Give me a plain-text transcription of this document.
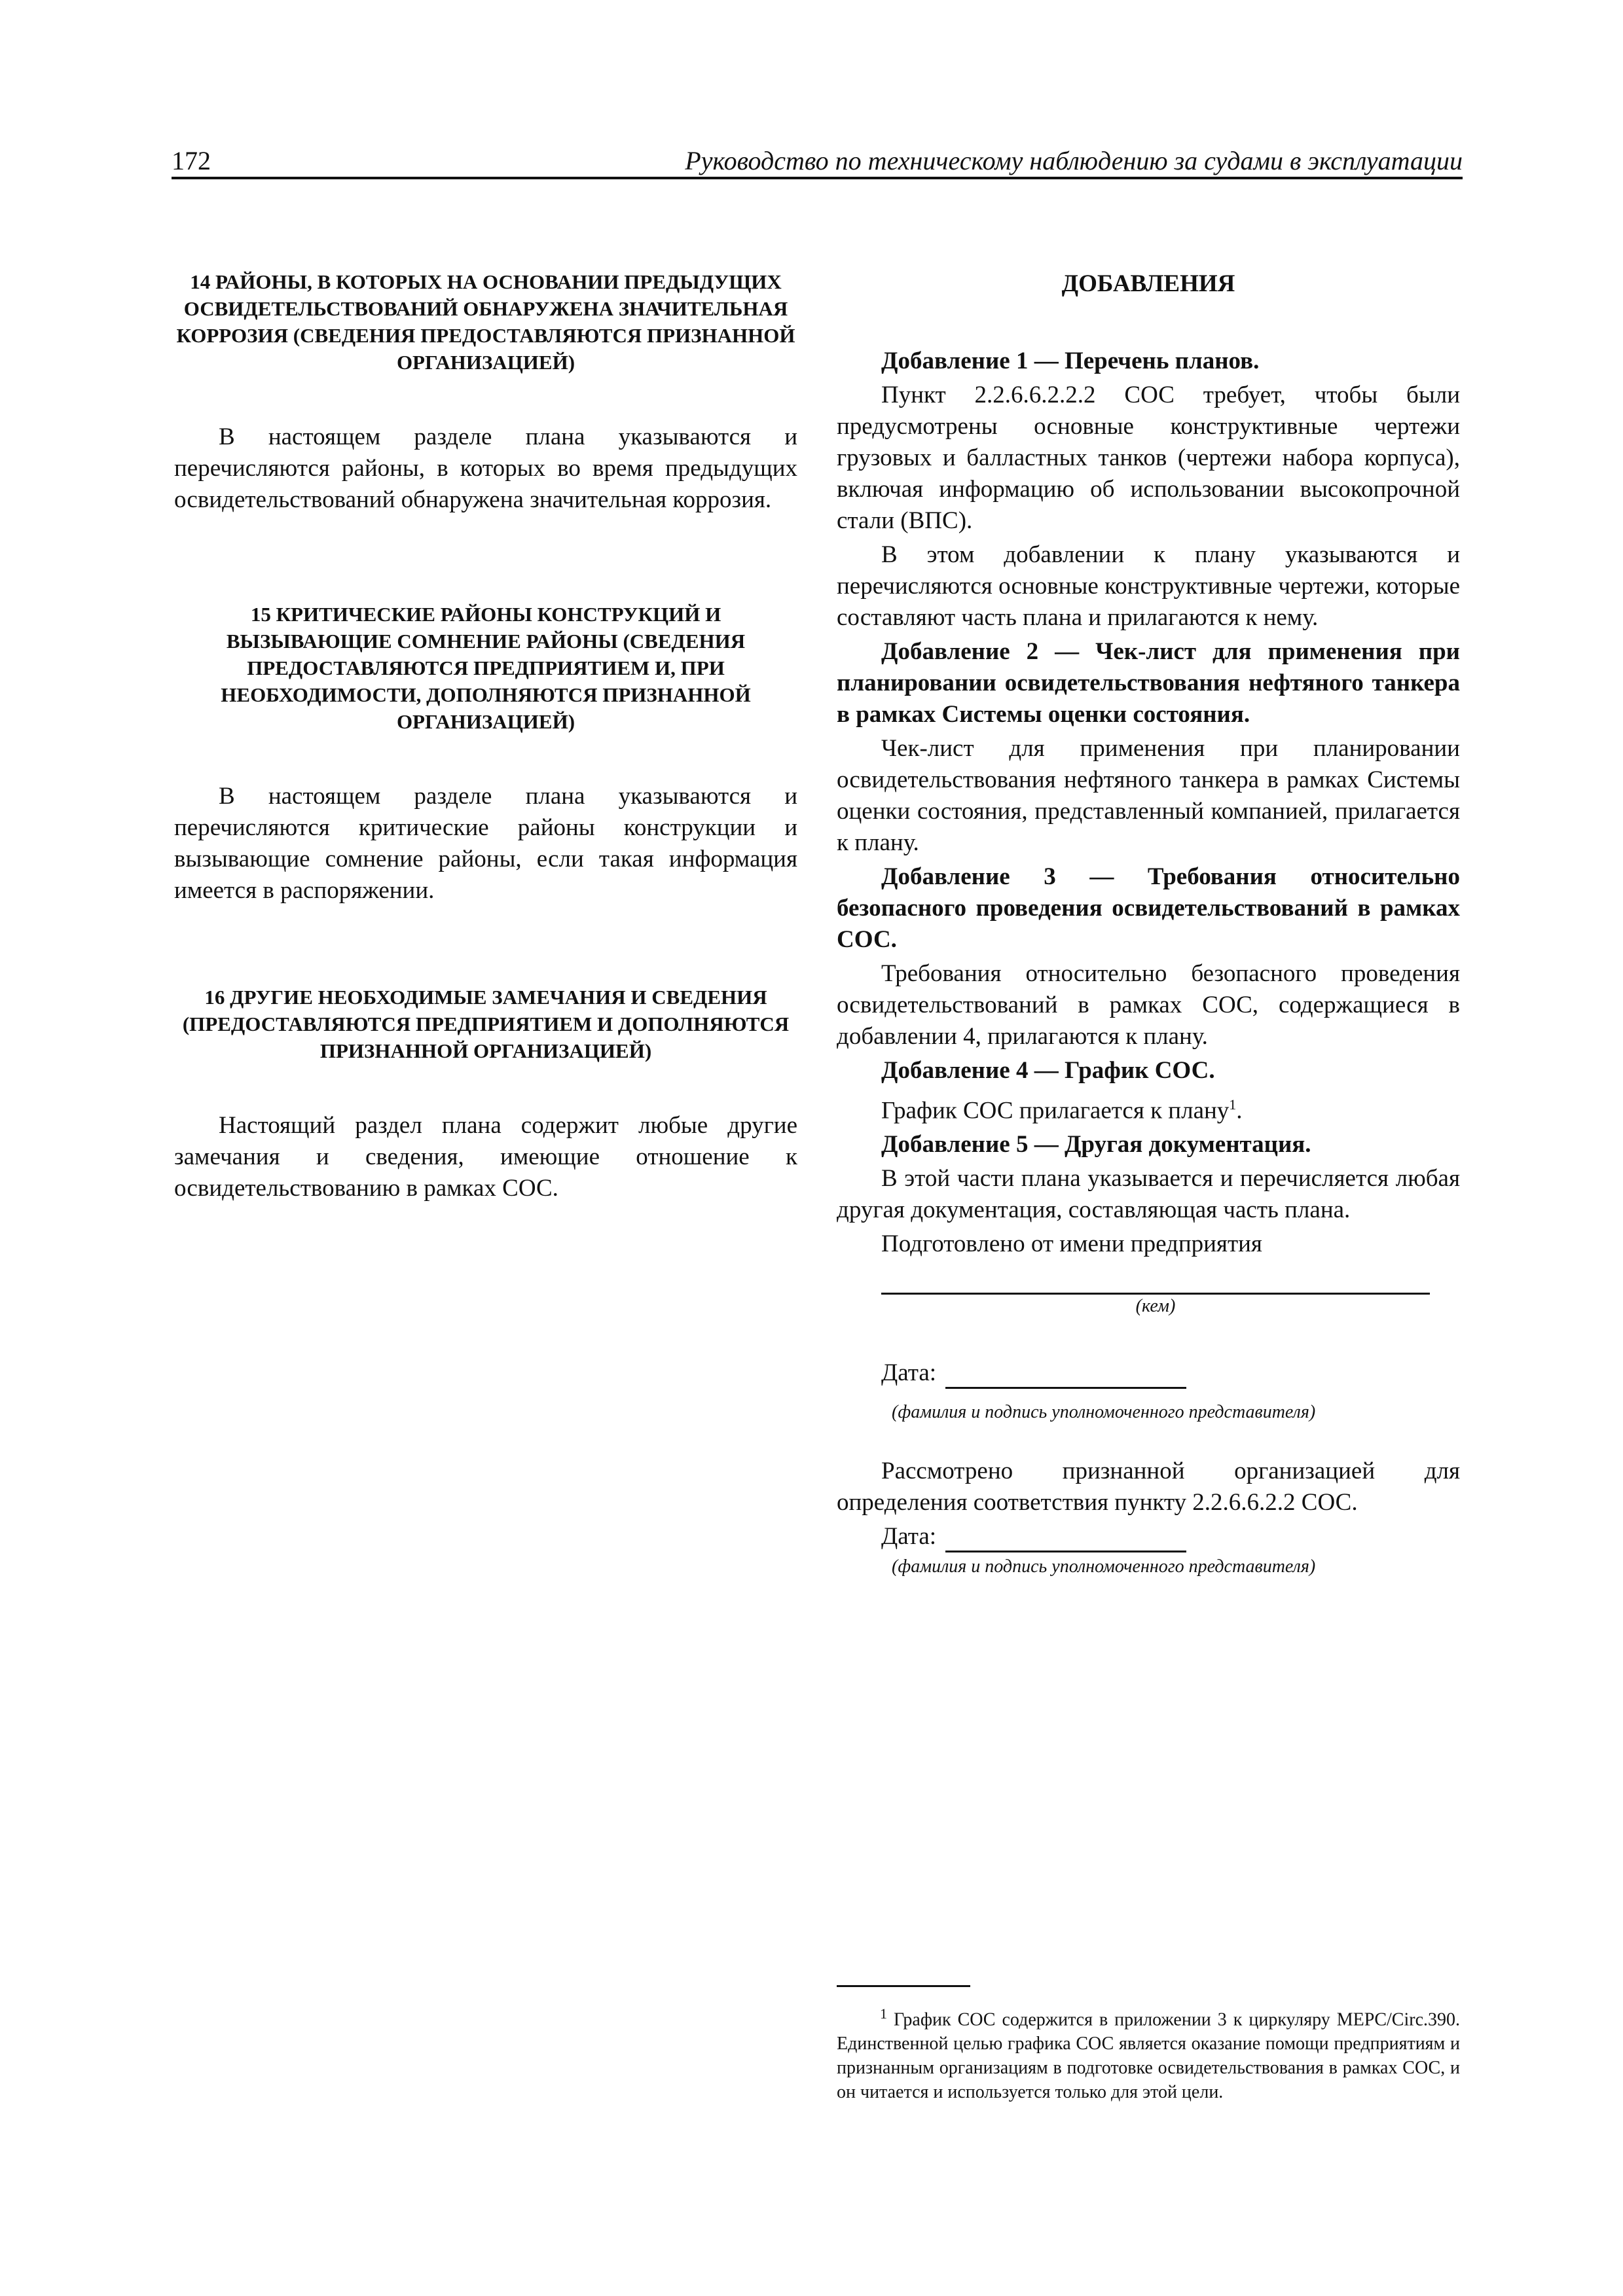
172	Руководство по техническому наблюдению за судами в эксплуатации

14 РАЙОНЫ, В КОТОРЫХ НА ОСНОВАНИИ ПРЕДЫДУЩИХ ОСВИДЕТЕЛЬСТВОВАНИЙ ОБНАРУЖЕНА ЗНАЧИТЕЛЬНАЯ КОРРОЗИЯ (СВЕДЕНИЯ ПРЕДОСТАВЛЯЮТСЯ ПРИЗНАННОЙ ОРГАНИЗАЦИЕЙ)

В настоящем разделе плана указываются и перечисляются районы, в которых во время предыдущих освидетельствований обнаружена значительная коррозия.

15 КРИТИЧЕСКИЕ РАЙОНЫ КОНСТРУКЦИЙ И ВЫЗЫВАЮЩИЕ СОМНЕНИЕ РАЙОНЫ (СВЕДЕНИЯ ПРЕДОСТАВЛЯЮТСЯ ПРЕДПРИЯТИЕМ И, ПРИ НЕОБХОДИМОСТИ, ДОПОЛНЯЮТСЯ ПРИЗНАННОЙ ОРГАНИЗАЦИЕЙ)

В настоящем разделе плана указываются и перечисляются критические районы конструкции и вызывающие сомнение районы, если такая информация имеется в распоряжении.

16 ДРУГИЕ НЕОБХОДИМЫЕ ЗАМЕЧАНИЯ И СВЕДЕНИЯ (ПРЕДОСТАВЛЯЮТСЯ ПРЕДПРИЯТИЕМ И ДОПОЛНЯЮТСЯ ПРИЗНАННОЙ ОРГАНИЗАЦИЕЙ)

Настоящий раздел плана содержит любые другие замечания и сведения, имеющие отношение к освидетельствованию в рамках СОС.

ДОБАВЛЕНИЯ

Добавление 1 — Перечень планов.

Пункт 2.2.6.6.2.2.2 СОС требует, чтобы были предусмотрены основные конструктивные чертежи грузовых и балластных танков (чертежи набора корпуса), включая информацию об использовании высокопрочной стали (ВПС).

В этом добавлении к плану указываются и перечисляются основные конструктивные чертежи, которые составляют часть плана и прилагаются к нему.

Добавление 2 — Чек-лист для применения при планировании освидетельствования нефтяного танкера в рамках Системы оценки состояния.

Чек-лист для применения при планировании освидетельствования нефтяного танкера в рамках Системы оценки состояния, представленный компанией, прилагается к плану.

Добавление 3 — Требования относительно безопасного проведения освидетельствований в рамках СОС.

Требования относительно безопасного проведения освидетельствований в рамках СОС, содержащиеся в добавлении 4, прилагаются к плану.

Добавление 4 — График СОС.

График СОС прилагается к плану$^1$.

Добавление 5 — Другая документация.

В этой части плана указывается и перечисляется любая другая документация, составляющая часть плана.

Подготовлено от имени предприятия

(кем)
Дата:
(фамилия и подпись уполномоченного представителя)

Рассмотрено признанной организацией для определения соответствия пункту 2.2.6.6.2.2 СОС.

Дата:
(фамилия и подпись уполномоченного представителя)

$^1$ График СОС содержится в приложении 3 к циркуляру MEPC/Circ.390. Единственной целью графика СОС является оказание помощи предприятиям и признанным организациям в подготовке освидетельствования в рамках СОС, и он читается и используется только для этой цели.
